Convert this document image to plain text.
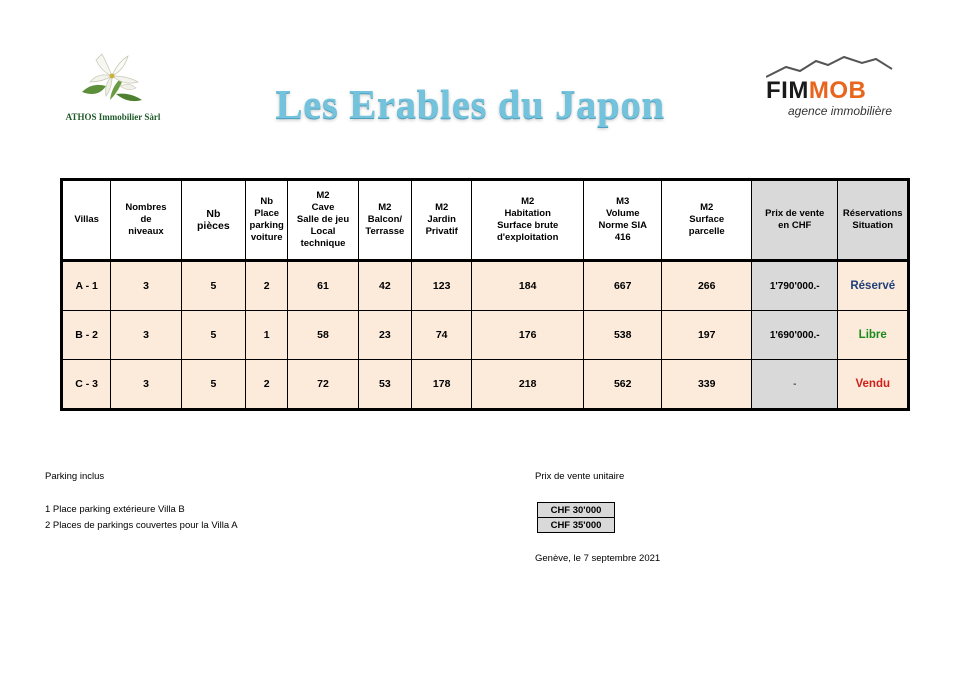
ATHOS Immobilier Sàrl	Les Erables du Japon	FIMMOB
agence immobilière
Villas	Nombres
de
niveaux	Nb
pièces	Nb
Place
parking
voiture	M2
Cave
Salle de jeu
Local
technique	M2
Balcon/
Terrasse	M2
Jardin
Privatif	M2
Habitation
Surface brute
d'exploitation	M3
Volume
Norme SIA
416	M2
Surface
parcelle	Prix de vente
en CHF	Réservations
Situation
A - 1	3	5	2	61	42	123	184	667	266	1'790'000.-	Réservé
B - 2	3	5	1	58	23	74	176	538	197	1'690'000.-	Libre
C - 3	3	5	2	72	53	178	218	562	339	-	Vendu
Parking inclus
1 Place parking extérieure Villa B
2 Places de parkings couvertes pour la Villa A
Prix de vente unitaire
CHF 30'000
CHF 35'000
Genève, le 7 septembre 2021
